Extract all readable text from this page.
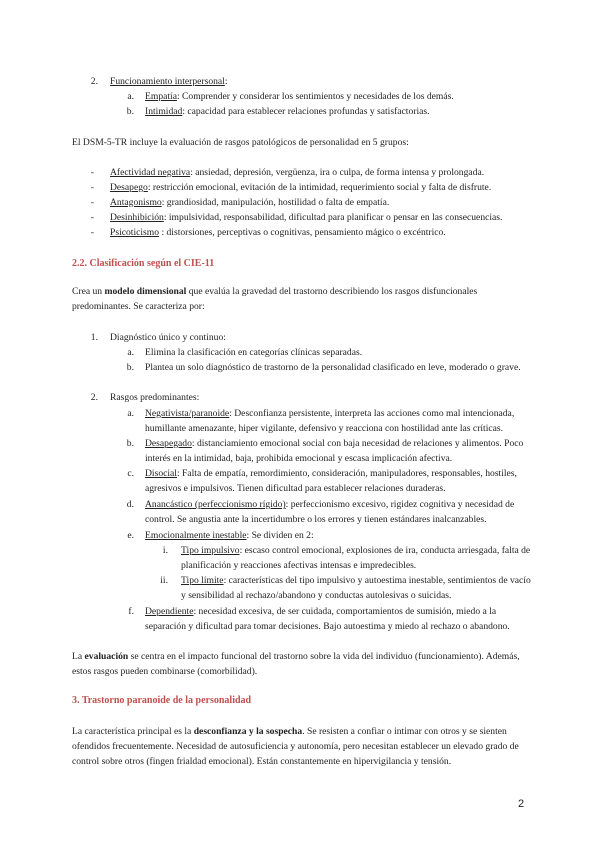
2. Funcionamiento interpersonal:
a. Empatía: Comprender y considerar los sentimientos y necesidades de los demás.
b. Intimidad: capacidad para establecer relaciones profundas y satisfactorias.
El DSM-5-TR incluye la evaluación de rasgos patológicos de personalidad en 5 grupos:
- Afectividad negativa: ansiedad, depresión, vergüenza, ira o culpa, de forma intensa y prolongada.
- Desapego: restricción emocional, evitación de la intimidad, requerimiento social y falta de disfrute.
- Antagonismo: grandiosidad, manipulación, hostilidad o falta de empatía.
- Desinhibición: impulsividad, responsabilidad, dificultad para planificar o pensar en las consecuencias.
- Psicoticismo : distorsiones, perceptivas o cognitivas, pensamiento mágico o excéntrico.
2.2. Clasificación según el CIE-11
Crea un modelo dimensional que evalúa la gravedad del trastorno describiendo los rasgos disfuncionales
predominantes. Se caracteriza por:
1. Diagnóstico único y continuo:
a. Elimina la clasificación en categorías clínicas separadas.
b. Plantea un solo diagnóstico de trastorno de la personalidad clasificado en leve, moderado o grave.
2. Rasgos predominantes:
a. Negativista/paranoide: Desconfianza persistente, interpreta las acciones como mal intencionada,
humillante amenazante, hiper vigilante, defensivo y reacciona con hostilidad ante las críticas.
b. Desapegado: distanciamiento emocional social con baja necesidad de relaciones y alimentos. Poco
interés en la intimidad, baja, prohibida emocional y escasa implicación afectiva.
c. Disocial: Falta de empatía, remordimiento, consideración, manipuladores, responsables, hostiles,
agresivos e impulsivos. Tienen dificultad para establecer relaciones duraderas.
d. Anancástico (perfeccionismo rígido): perfeccionismo excesivo, rigidez cognitiva y necesidad de
control. Se angustia ante la incertidumbre o los errores y tienen estándares inalcanzables.
e. Emocionalmente inestable: Se dividen en 2:
i. Tipo impulsivo: escaso control emocional, explosiones de ira, conducta arriesgada, falta de
planificación y reacciones afectivas intensas e impredecibles.
ii. Tipo límite: características del tipo impulsivo y autoestima inestable, sentimientos de vacío
y sensibilidad al rechazo/abandono y conductas autolesivas o suicidas.
f. Dependiente: necesidad excesiva, de ser cuidada, comportamientos de sumisión, miedo a la
separación y dificultad para tomar decisiones. Bajo autoestima y miedo al rechazo o abandono.
La evaluación se centra en el impacto funcional del trastorno sobre la vida del individuo (funcionamiento). Además,
estos rasgos pueden combinarse (comorbilidad).
3. Trastorno paranoide de la personalidad
La característica principal es la desconfianza y la sospecha. Se resisten a confiar o intimar con otros y se sienten
ofendidos frecuentemente. Necesidad de autosuficiencia y autonomía, pero necesitan establecer un elevado grado de
control sobre otros (fingen frialdad emocional). Están constantemente en hipervigilancia y tensión.
2
